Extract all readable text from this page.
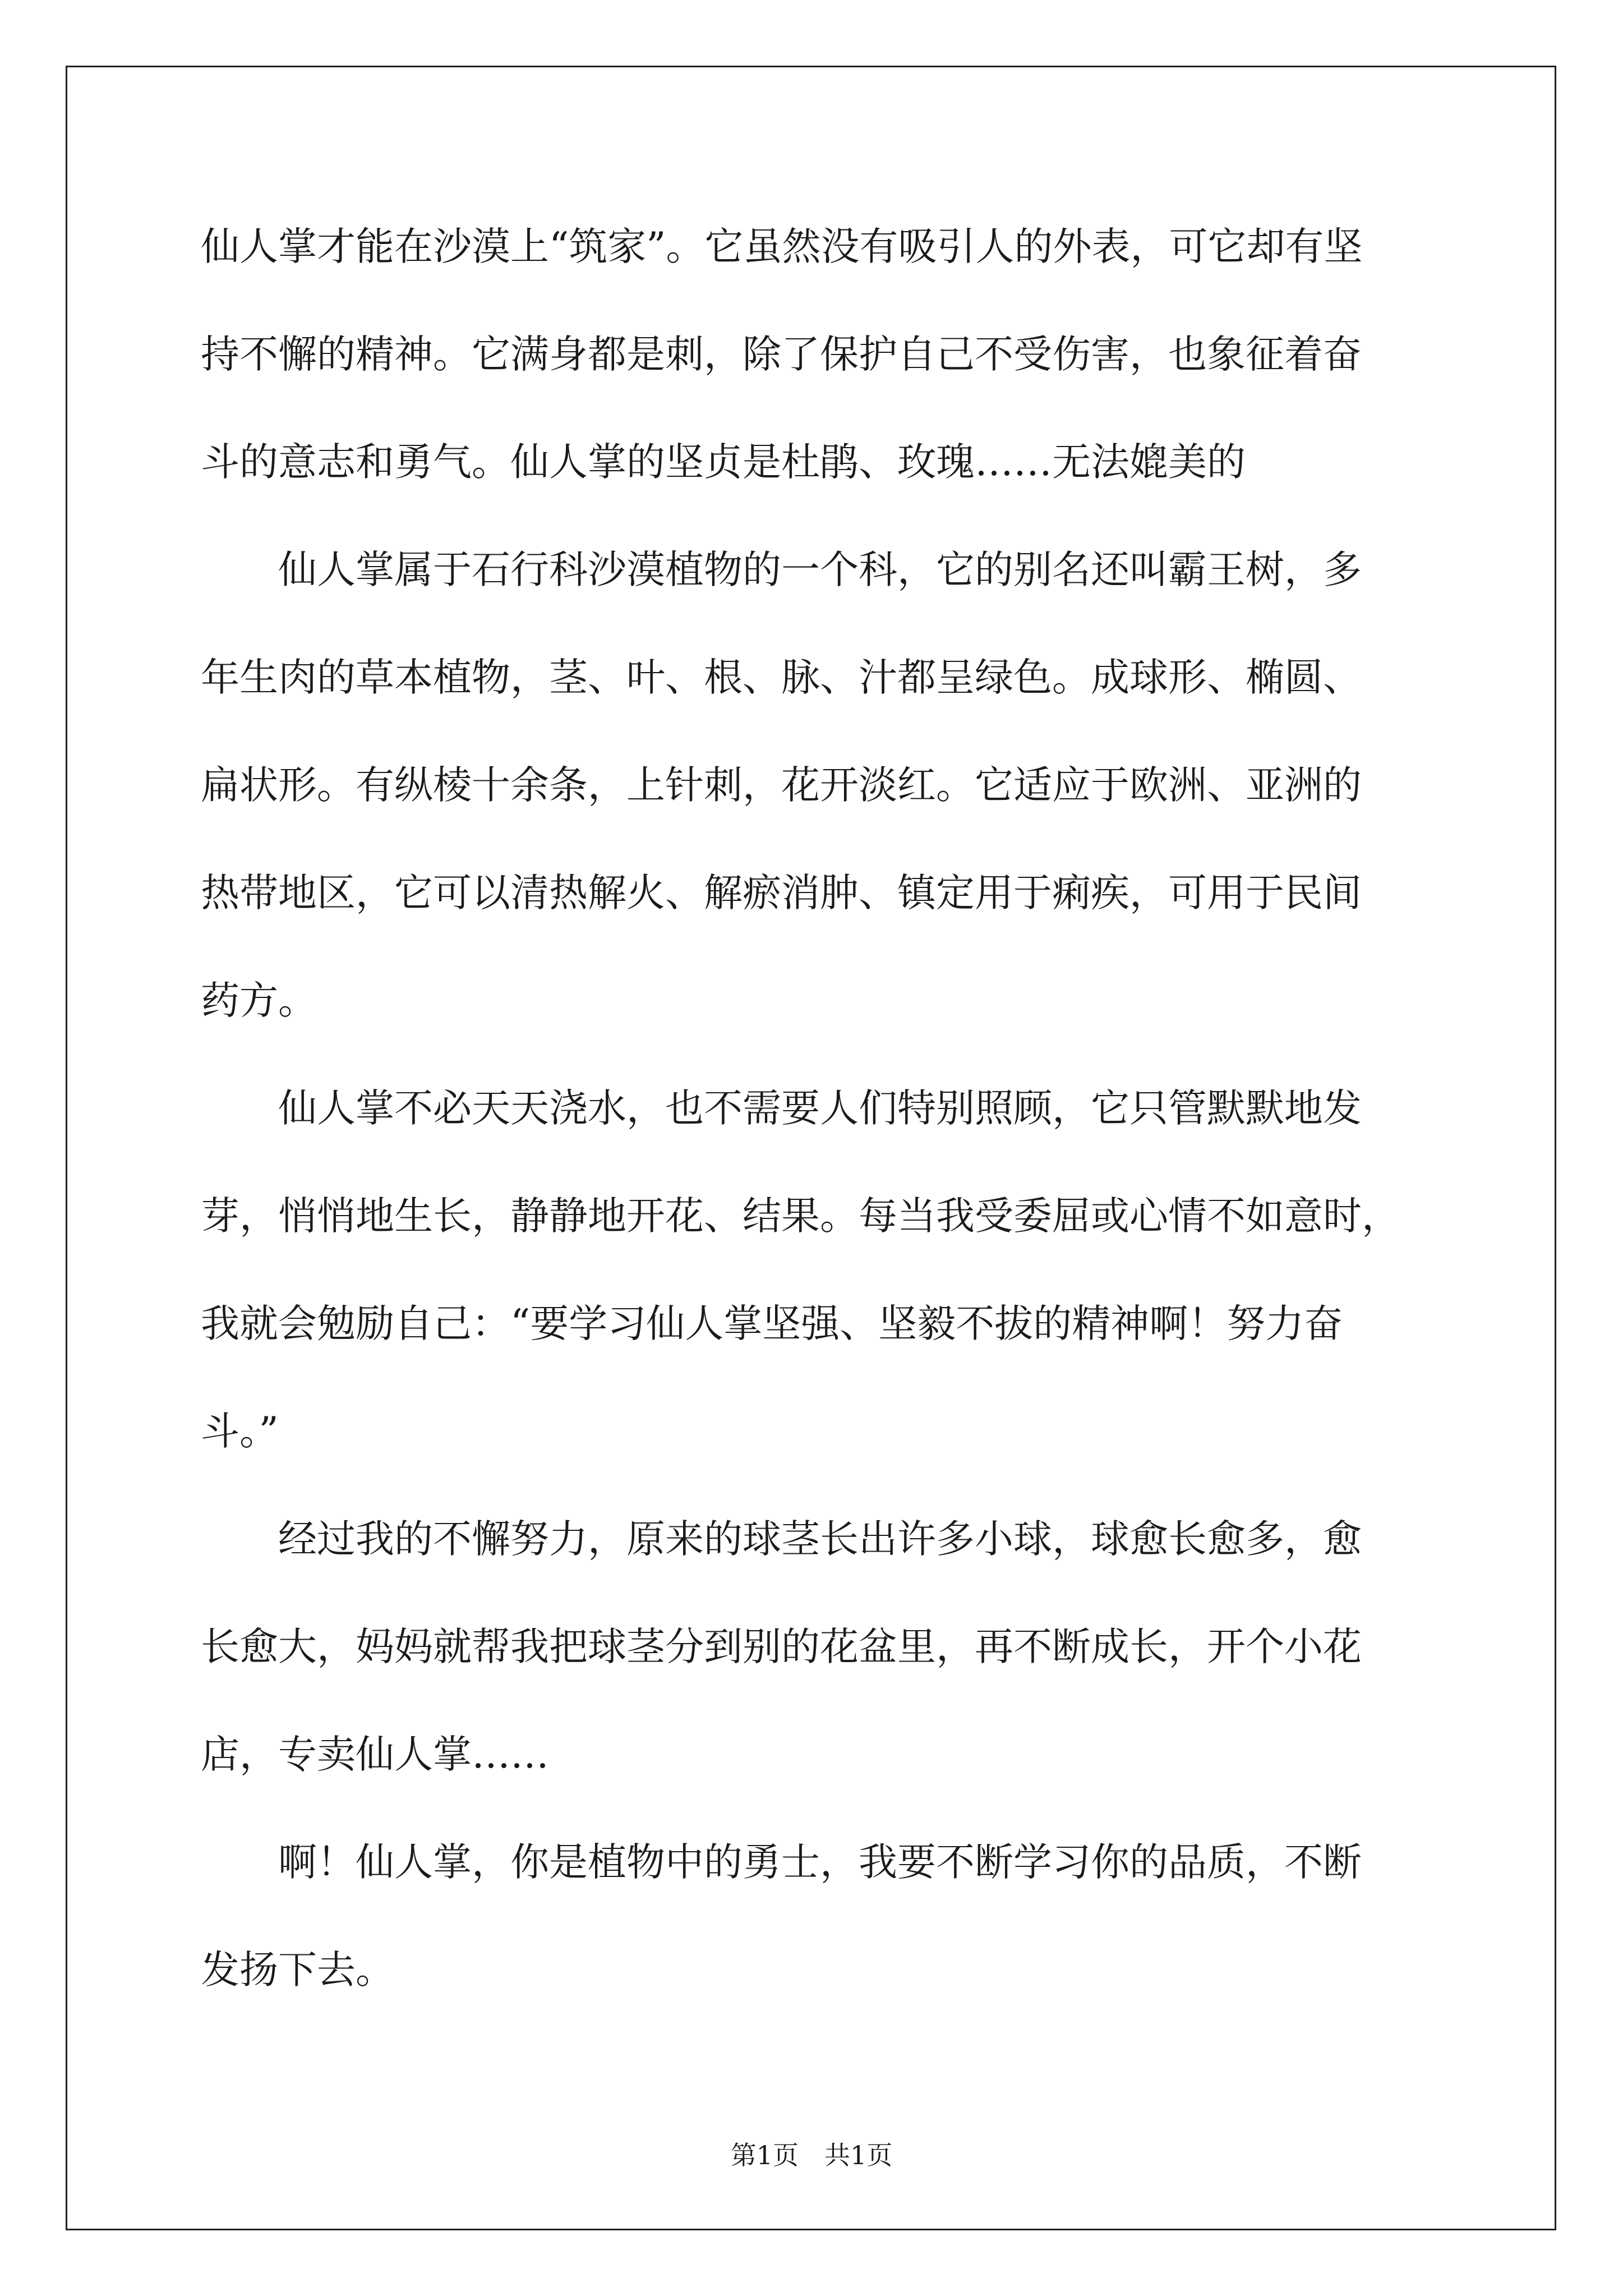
仙人掌才能在沙漠上“筑家”。它虽然没有吸引人的外表，可它却有坚
持不懈的精神。它满身都是刺，除了保护自己不受伤害，也象征着奋
斗的意志和勇气。仙人掌的坚贞是杜鹃、玫瑰……无法媲美的
　　仙人掌属于石行科沙漠植物的一个科，它的别名还叫霸王树，多
年生肉的草本植物，茎、叶、根、脉、汁都呈绿色。成球形、椭圆、
扁状形。有纵棱十余条，上针刺，花开淡红。它适应于欧洲、亚洲的
热带地区，它可以清热解火、解瘀消肿、镇定用于痢疾，可用于民间
药方。
　　仙人掌不必天天浇水，也不需要人们特别照顾，它只管默默地发
芽，悄悄地生长，静静地开花、结果。每当我受委屈或心情不如意时，
我就会勉励自己：“要学习仙人掌坚强、坚毅不拔的精神啊！努力奋
斗。”
　　经过我的不懈努力，原来的球茎长出许多小球，球愈长愈多，愈
长愈大，妈妈就帮我把球茎分到别的花盆里，再不断成长，开个小花
店，专卖仙人掌……
　　啊！仙人掌，你是植物中的勇士，我要不断学习你的品质，不断
发扬下去。
第1页　共1页
